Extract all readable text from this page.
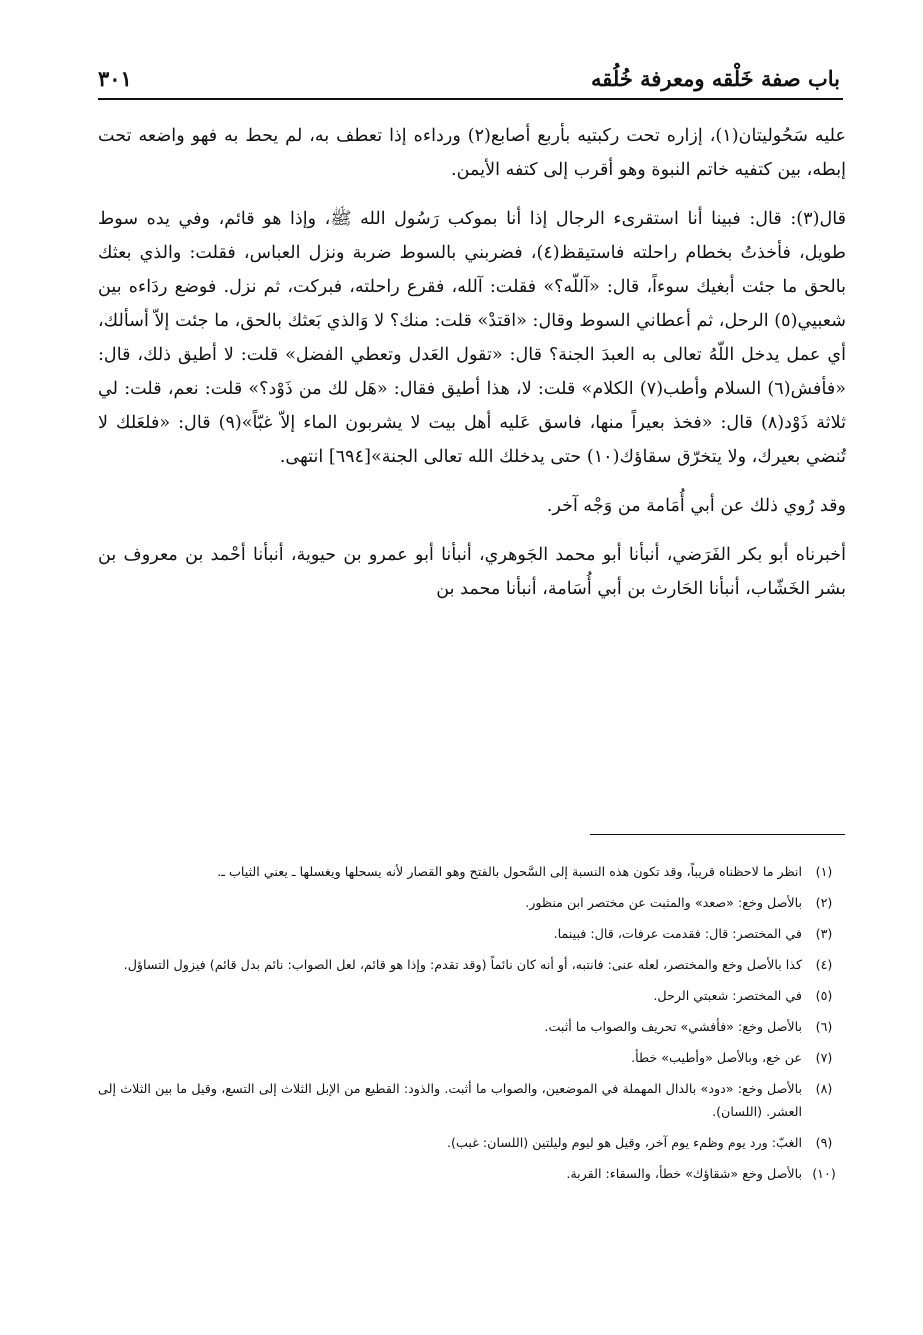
باب صفة خَلْقه ومعرفة خُلُقه
٣٠١

عليه سَحُوليتان(١)، إزاره تحت ركبتيه بأربع أصابع(٢) ورداءه إذا تعطف به، لم يحط به فهو واضعه تحت إبطه، بين كتفيه خاتم النبوة وهو أقرب إلى كتفه الأيمن.

قال(٣): قال: فبينا أنا استقرىء الرجال إذا أنا بموكب رَسُول الله ﷺ، وإذا هو قائم، وفي يده سوط طويل، فأخذتُ بخطام راحلته فاستيقظ(٤)، فضربني بالسوط ضربة ونزل العباس، فقلت: والذي بعثك بالحق ما جئت أبغيك سوءاً، قال: «آللّه؟» فقلت: آلله، فقرع راحلته، فبركت، ثم نزل. فوضع ردَاءه بين شعبيي(٥) الرحل، ثم أعطاني السوط وقال: «اقتدْ» قلت: منك؟ لا وَالذي بَعثك بالحق، ما جئت إلاّ أسألك، أي عمل يدخل اللّهُ تعالى به العبدَ الجنة؟ قال: «تقول العَدل وتعطي الفضل» قلت: لا أطيق ذلك، قال: «فأفش(٦) السلام وأطب(٧) الكلام» قلت: لا، هذا أطيق فقال: «هَل لك من ذَوْد؟» قلت: نعم، قلت: لي ثلاثة ذَوْد(٨) قال: «فخذ بعيراً منها، فاسق عَليه أهل بيت لا يشربون الماء إلاّ غبّاً»(٩) قال: «فلعَلك لا تُنضي بعيرك، ولا يتخرّق سقاؤك(١٠) حتى يدخلك الله تعالى الجنة»[٦٩٤] انتهى.

وقد رُوي ذلك عن أبي أُمَامة من وَجْه آخر.

أخبرناه أبو بكر الفَرَضي، أنبأنا أبو محمد الجَوهري، أنبأنا أبو عمرو بن حيوية، أنبأنا أحْمد بن معروف بن بشر الخَشّاب، أنبأنا الحَارث بن أبي أُسَامة، أنبأنا محمد بن

(١)
انظر ما لاحظناه قريباً، وقد تكون هذه النسبة إلى السَّحول بالفتح وهو القصار لأنه يسحلها ويغسلها ـ يعني الثياب ـ.
(٢)
بالأصل وخع: «صعد» والمثبت عن مختصر ابن منظور.
(٣)
في المختصر: قال: فقدمت عرفات، قال: فبينما.
(٤)
كذا بالأصل وخع والمختصر، لعله عنى: فانتبه، أو أنه كان نائماً (وقد تقدم: وإذا هو قائم، لعل الصواب: نائم بدل قائم) فيزول التساؤل.
(٥)
في المختصر: شعبتي الرحل.
(٦)
بالأصل وخع: «فأفشي» تحريف والصواب ما أثبت.
(٧)
عن خع، وبالأصل «وأطيب» خطأ.
(٨)
بالأصل وخع: «دود» بالدال المهملة في الموضعين، والصواب ما أثبت. والذود: القطيع من الإبل الثلاث إلى التسع، وقيل ما بين الثلاث إلى العشر. (اللسان).
(٩)
الغبّ: ورد يوم وظمء يوم آخر، وقيل هو ليوم وليلتين (اللسان: غبب).
(١٠)
بالأصل وخع «شقاؤك» خطأ، والسقاء: القربة.
